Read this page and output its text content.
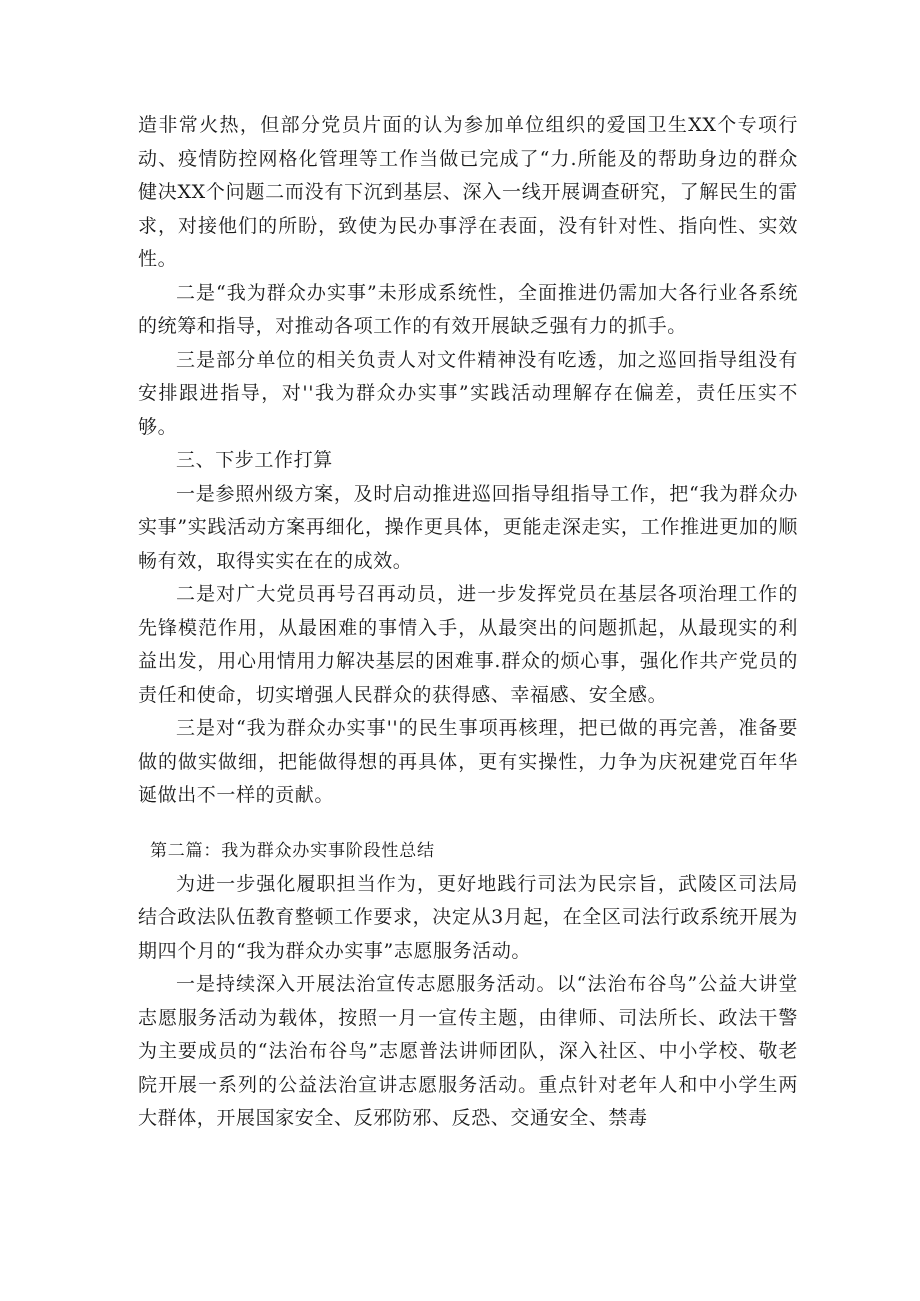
造非常火热，但部分党员片面的认为参加单位组织的爱国卫生XX个专项行动、疫情防控网格化管理等工作当做已完成了“力.所能及的帮助身边的群众健决XX个问题二而没有下沉到基层、深入一线开展调查研究，了解民生的雷求，对接他们的所盼，致使为民办事浮在表面，没有针对性、指向性、实效性。

二是“我为群众办实事”未形成系统性，全面推进仍需加大各行业各系统的统筹和指导，对推动各项工作的有效开展缺乏强有力的抓手。

三是部分单位的相关负责人对文件精神没有吃透，加之巡回指导组没有安排跟进指导，对''我为群众办实事”实践活动理解存在偏差，责任压实不够。

三、下步工作打算

一是参照州级方案，及时启动推进巡回指导组指导工作，把“我为群众办实事”实践活动方案再细化，操作更具体，更能走深走实，工作推进更加的顺畅有效，取得实实在在的成效。

二是对广大党员再号召再动员，进一步发挥党员在基层各项治理工作的先锋模范作用，从最困难的事情入手，从最突出的问题抓起，从最现实的利益出发，用心用情用力解决基层的困难事.群众的烦心事，强化作共产党员的责任和使命，切实增强人民群众的获得感、幸福感、安全感。

三是对“我为群众办实事''的民生事项再核理，把已做的再完善，准备要做的做实做细，把能做得想的再具体，更有实操性，力争为庆祝建党百年华诞做出不一样的贡献。

第二篇：我为群众办实事阶段性总结

为进一步强化履职担当作为，更好地践行司法为民宗旨，武陵区司法局结合政法队伍教育整顿工作要求，决定从3月起，在全区司法行政系统开展为期四个月的“我为群众办实事”志愿服务活动。

一是持续深入开展法治宣传志愿服务活动。以“法治布谷鸟”公益大讲堂志愿服务活动为载体，按照一月一宣传主题，由律师、司法所长、政法干警为主要成员的“法治布谷鸟”志愿普法讲师团队，深入社区、中小学校、敬老院开展一系列的公益法治宣讲志愿服务活动。重点针对老年人和中小学生两大群体，开展国家安全、反邪防邪、反恐、交通安全、禁毒
